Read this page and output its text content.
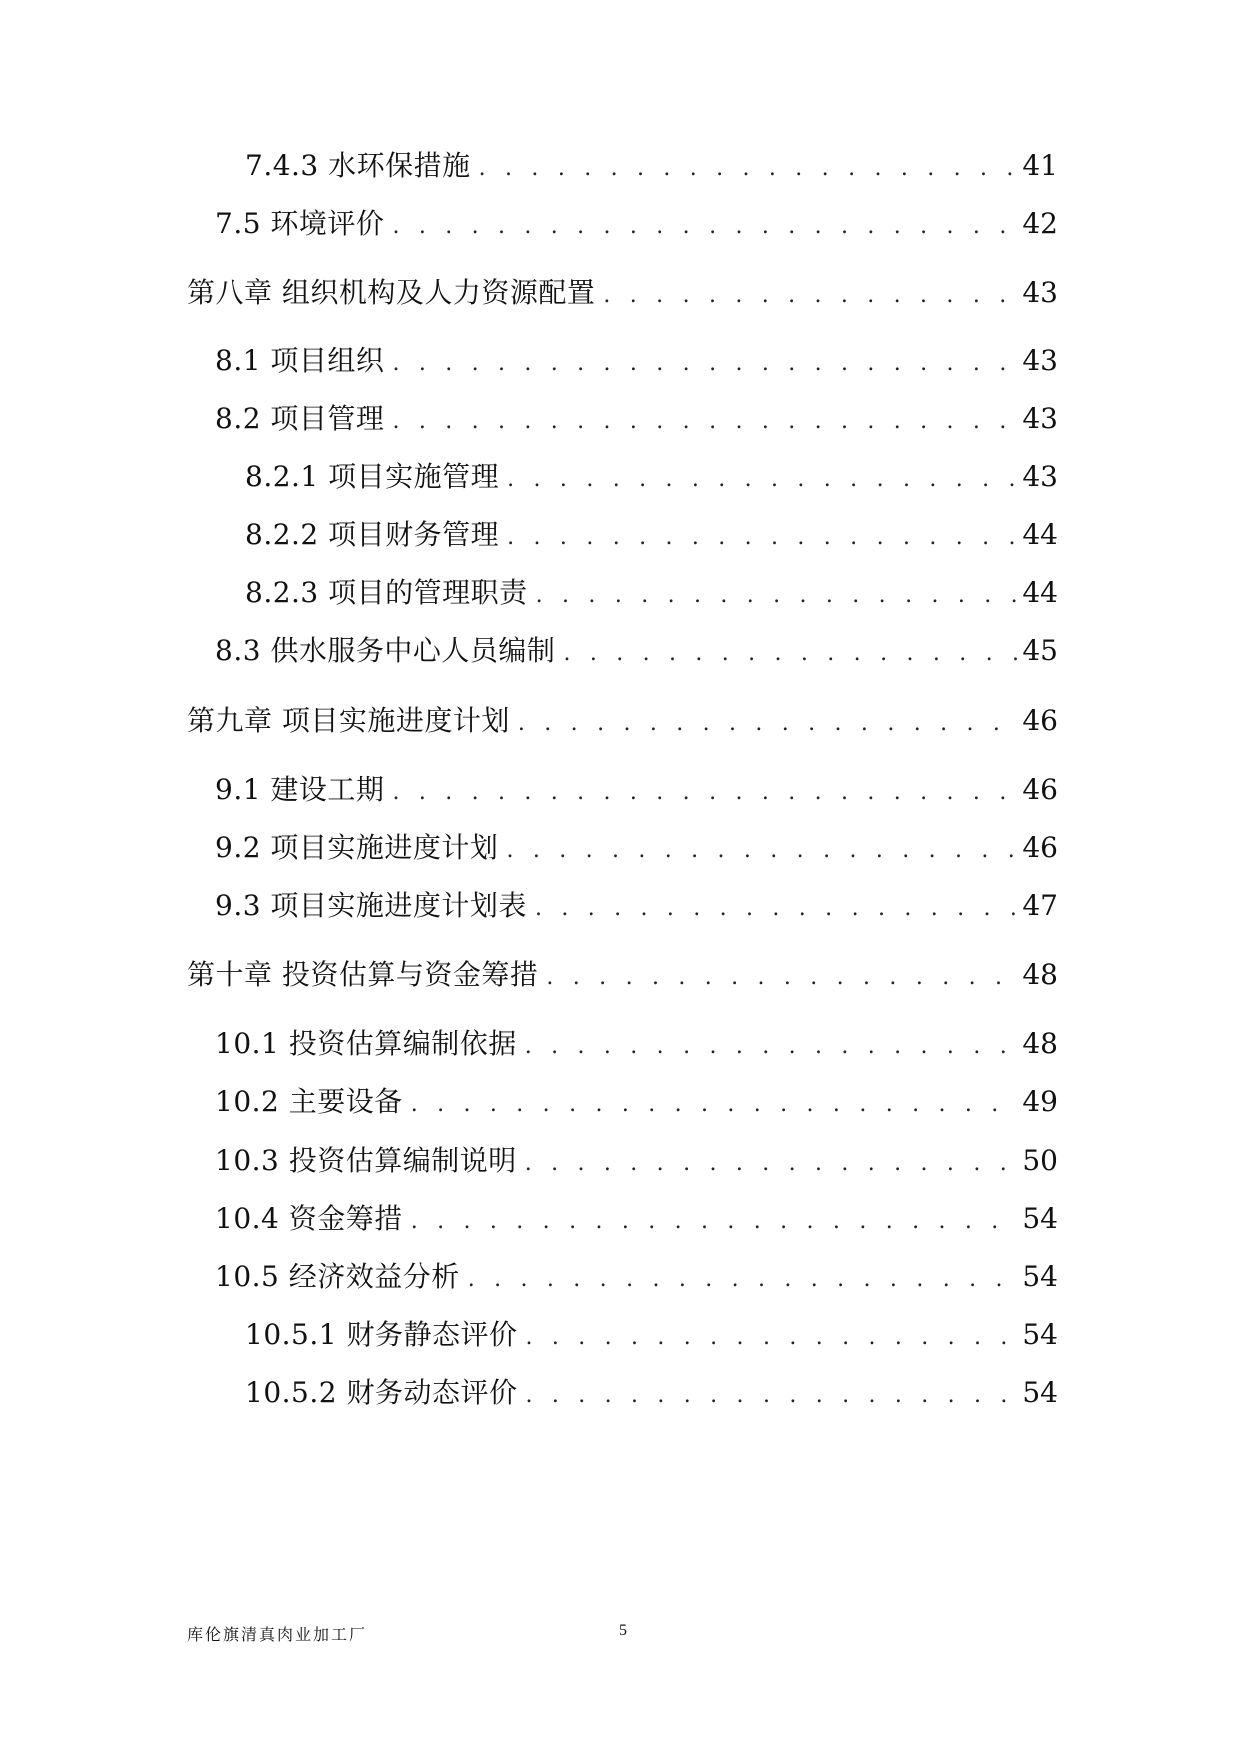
7.4.3 水环保措施 . . .	41
7.5 环境评价 . . .	42
第八章 组织机构及人力资源配置 . . .	43
8.1 项目组织 . . .	43
8.2 项目管理 . . .	43
8.2.1 项目实施管理 . . .	43
8.2.2 项目财务管理 . . .	44
8.2.3 项目的管理职责 . . .	44
8.3 供水服务中心人员编制 . . .	45
第九章 项目实施进度计划 . . .	46
9.1 建设工期 . . .	46
9.2 项目实施进度计划 . . .	46
9.3 项目实施进度计划表 . . .	47
第十章 投资估算与资金筹措 . . .	48
10.1 投资估算编制依据 . . .	48
10.2 主要设备 . . .	49
10.3 投资估算编制说明 . . .	50
10.4 资金筹措 . . .	54
10.5 经济效益分析 . . .	54
10.5.1 财务静态评价 . . .	54
10.5.2 财务动态评价 . . .	54
库伦旗清真肉业加工厂	5
